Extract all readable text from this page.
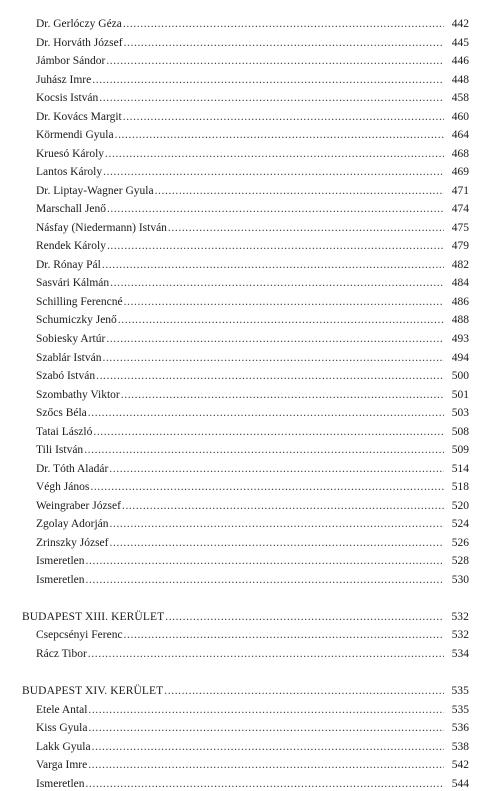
Dr. Gerlóczy Géza .....	442
Dr. Horváth József .....	445
Jámbor Sándor .....	446
Juhász Imre .....	448
Kocsis István .....	458
Dr. Kovács Margit .....	460
Körmendi Gyula .....	464
Kruesó Károly .....	468
Lantos Károly .....	469
Dr. Liptay-Wagner Gyula .....	471
Marschall Jenő .....	474
Násfay (Niedermann) István .....	475
Rendek Károly .....	479
Dr. Rónay Pál .....	482
Sasvári Kálmán .....	484
Schilling Ferencné .....	486
Schumiczky Jenő .....	488
Sobiesky Artúr .....	493
Szablár István .....	494
Szabó István .....	500
Szombathy Viktor .....	501
Szőcs Béla .....	503
Tatai László .....	508
Tili István .....	509
Dr. Tóth Aladár .....	514
Végh János .....	518
Weingraber József .....	520
Zgolay Adorján .....	524
Zrinszky József .....	526
Ismeretlen .....	528
Ismeretlen .....	530
BUDAPEST XIII. KERÜLET .....	532
Csepcsényi Ferenc .....	532
Rácz Tibor .....	534
BUDAPEST XIV. KERÜLET .....	535
Etele Antal .....	535
Kiss Gyula .....	536
Lakk Gyula .....	538
Varga Imre .....	542
Ismeretlen .....	544
